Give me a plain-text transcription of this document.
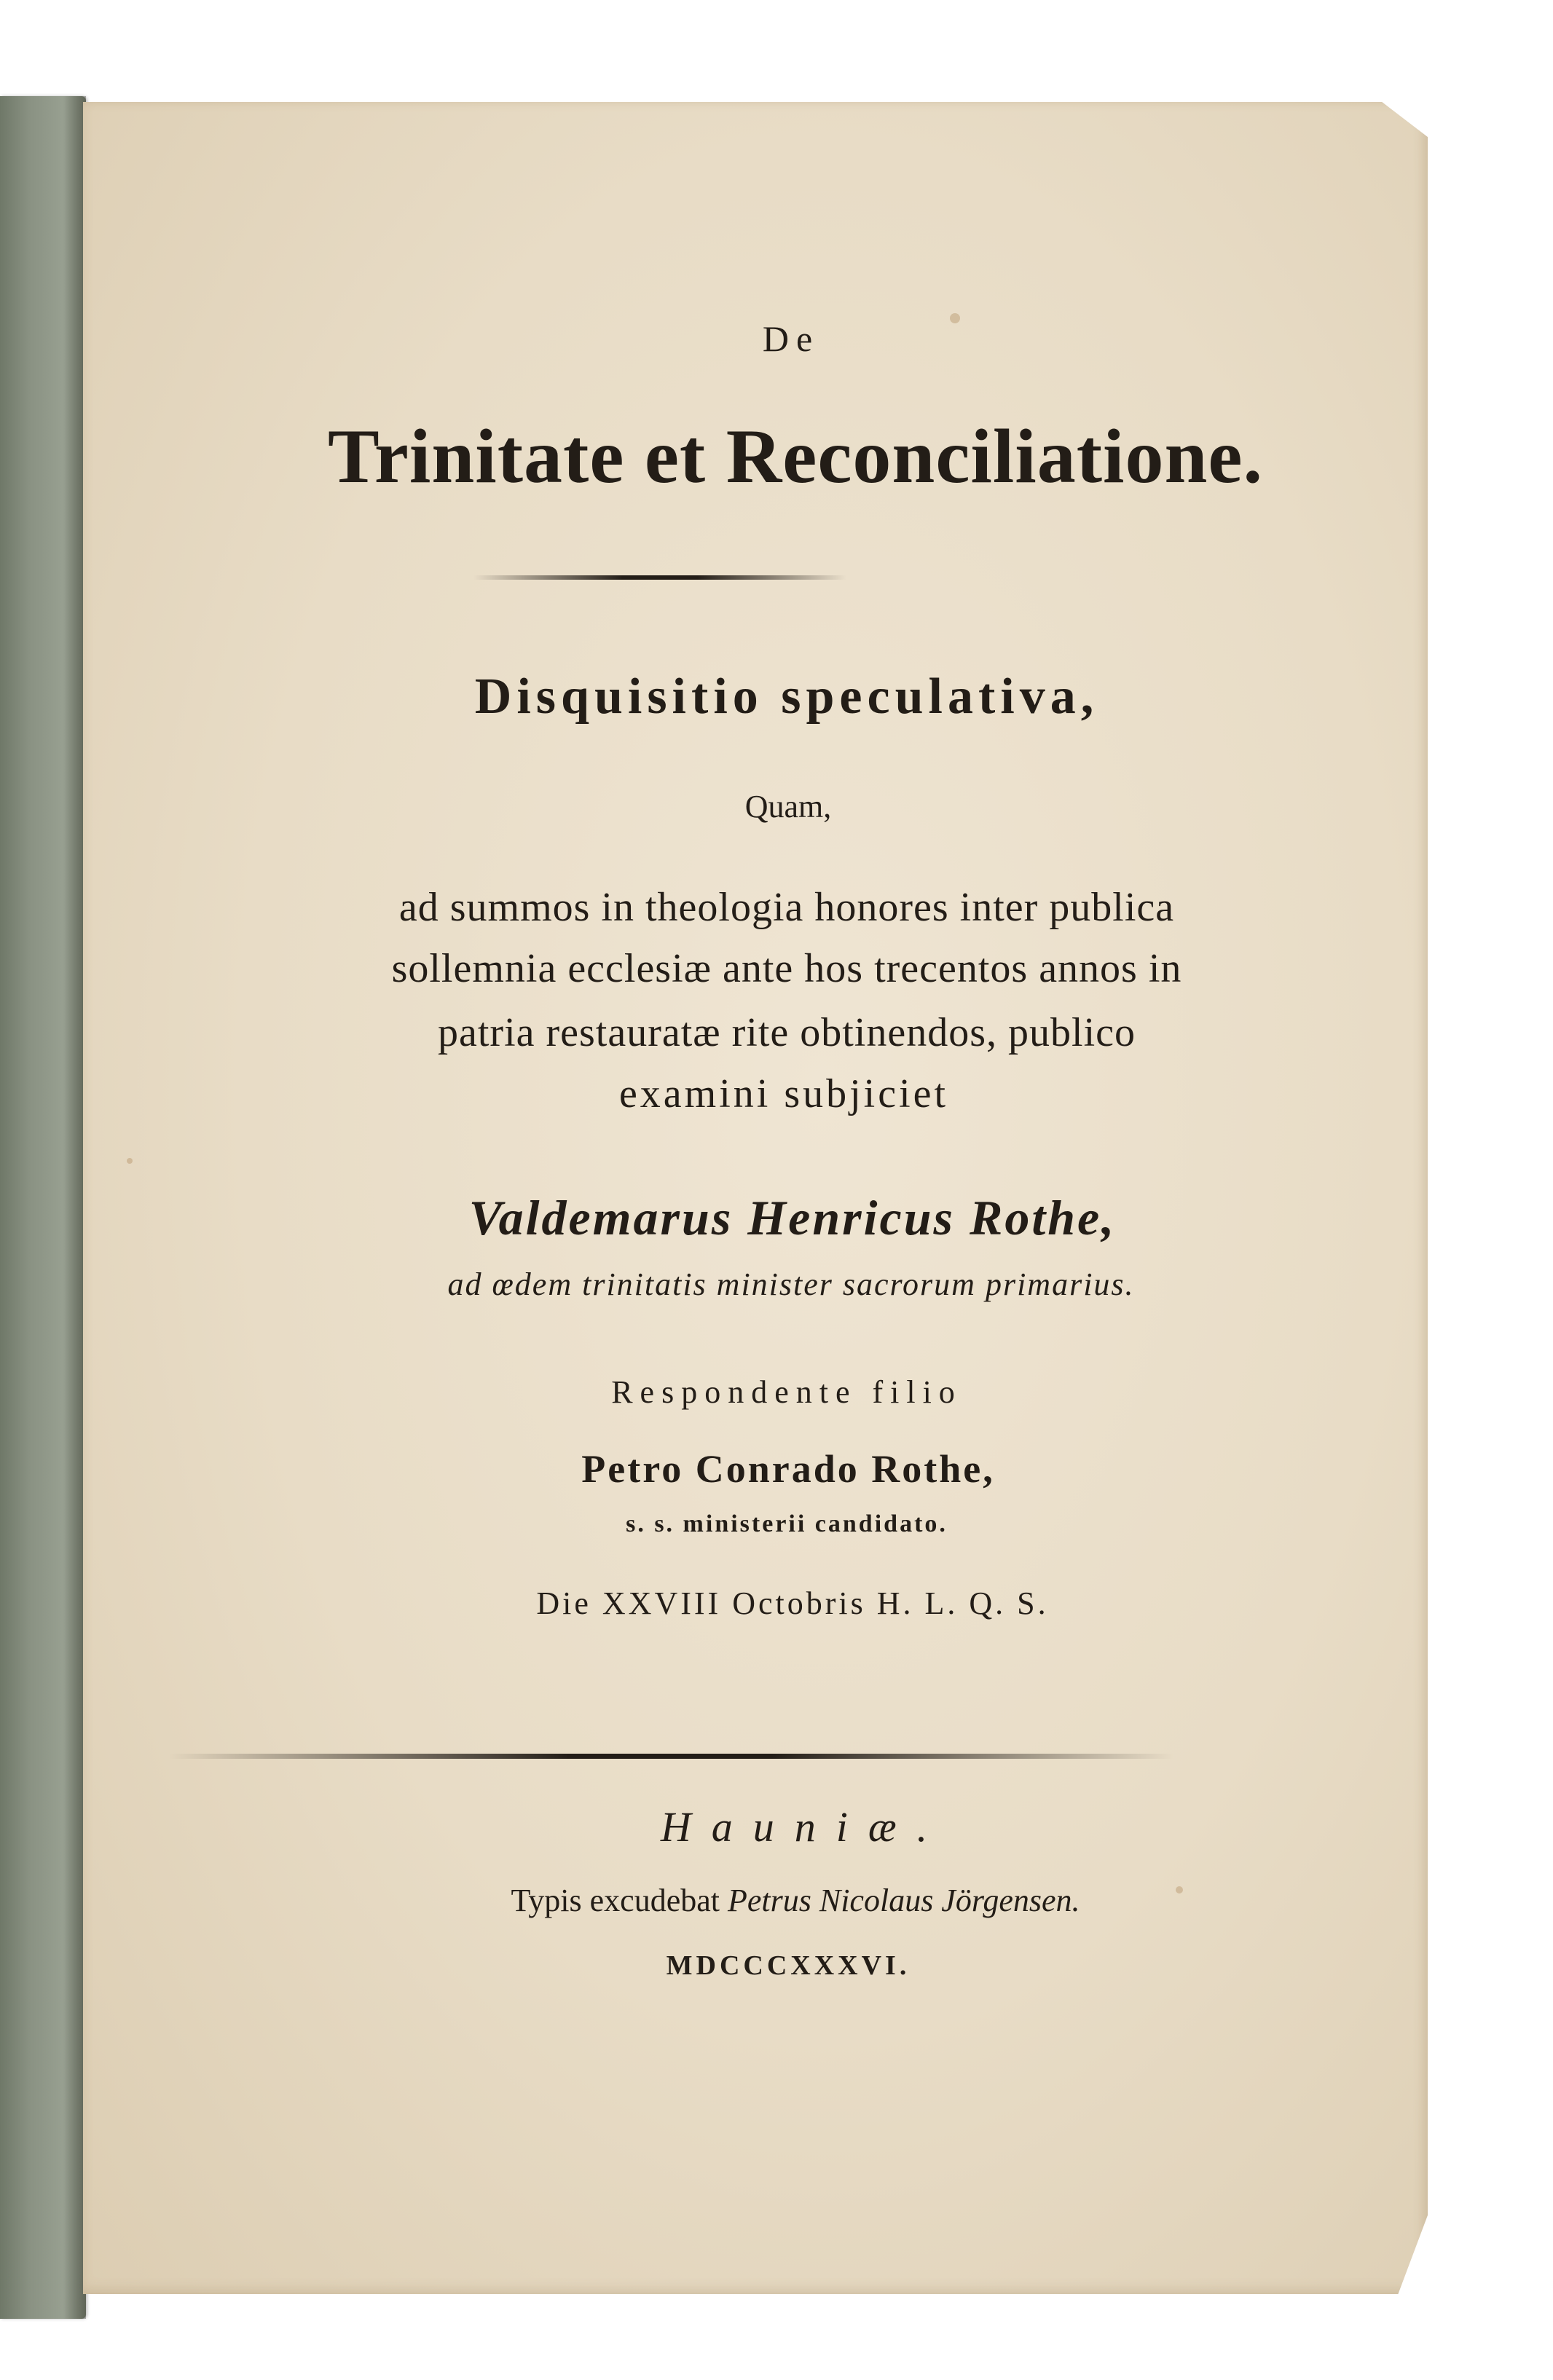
De
Trinitate et Reconciliatione.
Disquisitio speculativa,
Quam,
ad summos in theologia honores inter publica
sollemnia ecclesiæ ante hos trecentos annos in
patria restauratæ rite obtinendos, publico
examini subjiciet
Valdemarus Henricus Rothe,
ad œdem trinitatis minister sacrorum primarius.
Respondente filio
Petro Conrado Rothe,
s. s. ministerii candidato.
Die XXVIII Octobris H. L. Q. S.
Hauniæ.
Typis excudebat Petrus Nicolaus Jörgensen.
MDCCCXXXVI.
